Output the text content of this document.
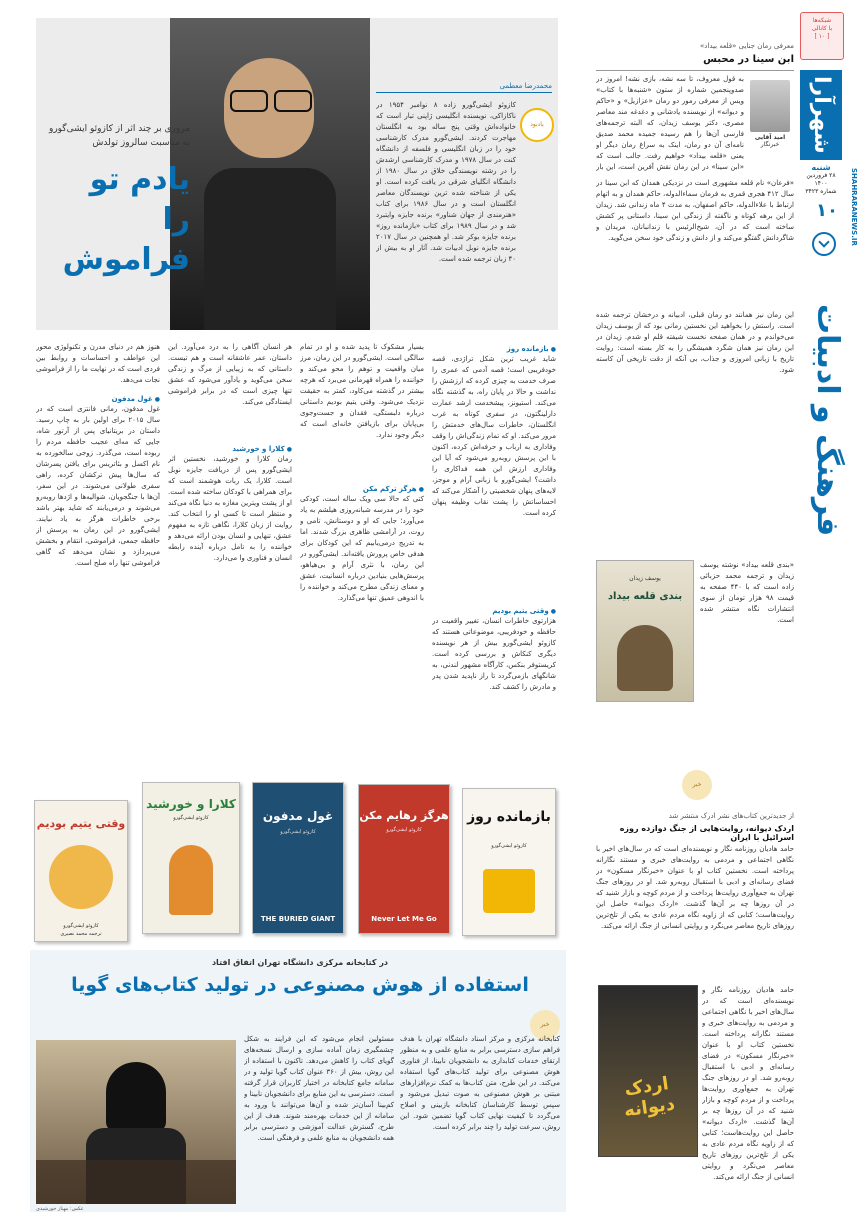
شبکه‌ها
با کانالی
[ ۱۰ ]
شهرآرا
SHAHRARANEWS.IR
شنبه
۲۸ فروردین ۱۴۰۰
شماره ۳۴۲۳
۱۰
فرهنگ و ادبیات
معرفی رمان جنایی «قلعه بیداد»
ابن سینا در محبس
امید آقایی
خبرنگار
به قول معروف، تا سه نشه، بازی نشه! امروز در صدوپنجمین شماره از ستون «شنبه‌ها با کتاب» ویس از معرفی رمور دو رمان «عزازیل» و «حاکم و دیوانه» از نویسنده یادشانی و دغدغه مند معاصر مصری، دکتر یوسف زیدان، که البته ترجمه‌های فارسی آن‌ها را هم رسیده جمیده محمد صدیق نامه‌ای آن دو رمان، اینک به سراغ رمان دیگر او یعنی «قلعه بیداد» خواهیم رفت. جالب است که «ابن سینا» در این رمان نقش آفرین است، این بار
«فرعان» نام قلعه مشهوری است در نزدیکی همدان که ابن سینا در سال ۴۱۲ هجری قمری به فرمان سماءالدوله، حاکم همدان و به اتهام ارتباط با علاءالدوله، حاکم اصفهان، به مدت ۴ ماه زندانی شد. زیدان از این برهه کوتاه و ناگفته از زندگی ابن سینا، داستانی پر کشش ساخته است که در آن، شیخ‌الرئیس با زندانبانان، مریدان و شاگردانش گفتگو می‌کند و از دانش و زندگی خود سخن می‌گوید.
این رمان نیز همانند دو رمان قبلی، ادبیانه و درخشان ترجمه شده است. راستش را بخواهید این نخستین رمانی بود که از یوسف زیدان می‌خواندم و در همان صفحه نخست شیفته قلم او شدم. زیدان در این رمان نیز همان شگرد همیشگی را به کار بسته است: روایت تاریخ با زبانی امروزی و جذاب، بی آنکه از دقت تاریخی آن کاسته شود.
یوسف زیدان
بندی قلعه بیداد
«بندی قلعه بیداد» نوشته یوسف زیدان و ترجمه محمد حزبائی زاده است که با ۴۴۰ صفحه به قیمت ۹۸ هزار تومان از سوی انتشارات نگاه منتشر شده است.
خبر
از جدیدترین کتاب‌های نشر ادرک منتشر شد
اردک دیوانه، روایت‌هایی از جنگ دوازده روزه اسرائیل با ایران
حامد هادیان روزنامه نگار و نویسنده‌ای است که در سال‌های اخیر با نگاهی اجتماعی و مردمی به روایت‌های خبری و مستند نگارانه پرداخته است. نخستین کتاب او با عنوان «خبرنگار مسکون» در فضای رسانه‌ای و ادبی با استقبال روبه‌رو شد. او در روزهای جنگ تهران به جمع‌آوری روایت‌ها پرداخت و از مردم کوچه و بازار شنید که در آن روزها چه بر آن‌ها گذشت. «اردک دیوانه» حاصل این روایت‌هاست؛ کتابی که از زاویه نگاه مردم عادی به یکی از تلخ‌ترین روزهای تاریخ معاصر می‌نگرد و روایتی انسانی از جنگ ارائه می‌کند.
اردک دیوانه
حامد هادیان روزنامه نگار و نویسنده‌ای است که در سال‌های اخیر با نگاهی اجتماعی و مردمی به روایت‌های خبری و مستند نگارانه پرداخته است. نخستین کتاب او با عنوان «خبرنگار مسکون» در فضای رسانه‌ای و ادبی با استقبال روبه‌رو شد. او در روزهای جنگ تهران به جمع‌آوری روایت‌ها پرداخت و از مردم کوچه و بازار شنید که در آن روزها چه بر آن‌ها گذشت. «اردک دیوانه» حاصل این روایت‌هاست؛ کتابی که از زاویه نگاه مردم عادی به یکی از تلخ‌ترین روزهای تاریخ معاصر می‌نگرد و روایتی انسانی از جنگ ارائه می‌کند.
مروری بر چند اثر از کازوئو ایشی‌گورو به مناسبت سالروز تولدش
یادم تو
را فراموش
محمدرضا معطمی
یادبود
کازوئو ایشی‌گورو زاده ۸ نوامبر ۱۹۵۴ در ناکازاکی، نویسنده انگلیسی ژاپنی تبار است که خانواده‌اش وقتی پنج ساله بود به انگلستان مهاجرت کردند. ایشی‌گورو مدرک کارشناسی خود را در زبان انگلیسی و فلسفه از دانشگاه کنت در سال ۱۹۷۸ و مدرک کارشناسی ارشدش را در رشته نویسندگی خلاق در سال ۱۹۸۰ از دانشگاه انگلیای شرقی در یافت کرده است. او یکی از شناخته شده ترین نویسندگان معاصر انگلستان است و در سال ۱۹۸۶ برای کتاب «هنرمندی از جهان شناور» برنده جایزه وایتبرد شد و در سال ۱۹۸۹ برای کتاب «بازمانده روز» برنده جایزه بوکر شد. او همچنین در سال ۲۰۱۷ برنده جایزه نوبل ادبیات شد. آثار او به بیش از ۴۰ زبان ترجمه شده است.
● بازمانده روز
شاید غریب ترین شکل تراژدی، قصه خودفریبی است؛ قصه آدمی که عمری را صرف خدمت به چیزی کرده که ارزشش را نداشت و حالا در پایان راه، به گذشته نگاه می‌کند. استیونز، پیشخدمت ارشد عمارت دارلینگتون، در سفری کوتاه به غرب انگلستان، خاطرات سال‌های خدمتش را مرور می‌کند. او که تمام زندگی‌اش را وقف وفاداری به ارباب و حرفه‌اش کرده، اکنون با این پرسش روبه‌رو می‌شود که آیا این وفاداری ارزش این همه فداکاری را داشت؟ ایشی‌گورو با زبانی آرام و موجز، لایه‌های پنهان شخصیتی را آشکار می‌کند که احساساتش را پشت نقاب وظیفه پنهان کرده است.
● وقتی یتیم بودیم
هزارتوی خاطرات انسان، تغییر واقعیت در حافظه و خودفریبی، موضوعاتی هستند که کازوئو ایشی‌گورو بیش از هر نویسنده دیگری کنکاش و بررسی کرده است. کریستوفر بنکس، کارآگاه مشهور لندنی، به شانگهای بازمی‌گردد تا راز ناپدید شدن پدر و مادرش را کشف کند.
بسیار مشکوک تا پدید شده و او در تمام سالگی است. ایشی‌گورو در این رمان، مرز میان واقعیت و توهم را محو می‌کند و خواننده را همراه قهرمانی می‌برد که هرچه بیشتر در گذشته می‌کاود، کمتر به حقیقت نزدیک می‌شود. وقتی یتیم بودیم داستانی درباره دلبستگی، فقدان و جست‌وجوی بی‌پایان برای بازیافتن خانه‌ای است که دیگر وجود ندارد.
● هرگز ترکم مکن
کتی که حالا سی ویک ساله است، کودکی خود را در مدرسه شبانه‌روزی هیلشم به یاد می‌آورد؛ جایی که او و دوستانش، تامی و روت، در آرامشی ظاهری بزرگ شدند. اما به تدریج درمی‌یابیم که این کودکان برای هدفی خاص پرورش یافته‌اند. ایشی‌گورو در این رمان، با نثری آرام و بی‌هیاهو، پرسش‌هایی بنیادین درباره انسانیت، عشق و معنای زندگی مطرح می‌کند و خواننده را با اندوهی عمیق تنها می‌گذارد.
هر انسان آگاهی را به درد می‌آورد. این داستان، عمر عاشقانه است و هم تیست. داستانی که به زیبایی از مرگ و زندگی سخن می‌گوید و یادآور می‌شود که عشق تنها چیزی است که در برابر فراموشی ایستادگی می‌کند.
● کلارا و خورشید
رمان کلارا و خورشید، نخستین اثر ایشی‌گورو پس از دریافت جایزه نوبل است. کلارا، یک ربات هوشمند است که برای همراهی با کودکان ساخته شده است. او از پشت ویترین مغازه به دنیا نگاه می‌کند و منتظر است تا کسی او را انتخاب کند. روایت از زبان کلارا، نگاهی تازه به مفهوم عشق، تنهایی و انسان بودن ارائه می‌دهد و خواننده را به تامل درباره آینده رابطه انسان و فناوری وا می‌دارد.
هنوز هم در دنیای مدرن و تکنولوژی محور این عواطف و احساسات و روابط بین فردی است که در نهایت ما را از فراموشی نجات می‌دهد.
● غول مدفون
غول مدفون، رمانی فانتزی است که در سال ۲۰۱۵ برای اولین بار به چاپ رسید. داستان در بریتانیای پس از آرتور شاه، جایی که مه‌ای عجیب حافظه مردم را ربوده است، می‌گذرد. زوجی سالخورده به نام اکسل و بئاتریس برای یافتن پسرشان که سال‌ها پیش ترکشان کرده، راهی سفری طولانی می‌شوند. در این سفر، آن‌ها با جنگجویان، شوالیه‌ها و اژدها روبه‌رو می‌شوند و درمی‌یابند که شاید بهتر باشد برخی خاطرات هرگز به یاد نیایند. ایشی‌گورو در این رمان به پرسش از حافظه جمعی، فراموشی، انتقام و بخشش می‌پردازد و نشان می‌دهد که گاهی فراموشی تنها راه صلح است.
وقتی یتیم بودیم
کازوئو ایشی‌گورو
ترجمه محمد نصیری
کلارا و خورشید
کازوئو ایشی‌گورو	غول مدفون
کازوئو ایشی‌گورو
THE BURIED GIANT
هرگز رهایم مکن
کازوئو ایشی‌گورو
Never Let Me Go
بازمانده روز
کازوئو ایشی‌گورو
در کتابخانه مرکزی دانشگاه تهران اتفاق افتاد
استفاده از هوش مصنوعی در تولید کتاب‌های گویا
خبر
عکس: مهناز خورشیدی
مسئولین انجام می‌شود که این فرایند به شکل چشمگیری زمان آماده سازی و ارسال نسخه‌های گویای کتاب را کاهش می‌دهد. تاکنون با استفاده از این روش، بیش از ۳۶۰ عنوان کتاب گویا تولید و در سامانه جامع کتابخانه در اختیار کاربران قرار گرفته است. دسترسی به این منابع برای دانشجویان نابینا و کم‌بینا آسان‌تر شده و آن‌ها می‌توانند با ورود به سامانه از این خدمات بهره‌مند شوند. هدف از این طرح، گسترش عدالت آموزشی و دسترسی برابر همه دانشجویان به منابع علمی و فرهنگی است.
کتابخانه مرکزی و مرکز اسناد دانشگاه تهران با هدف فراهم سازی دسترسی برابر به منابع علمی و به منظور ارتقای خدمات کتابداری به دانشجویان نابینا، از فناوری هوش مصنوعی برای تولید کتاب‌های گویا استفاده می‌کند. در این طرح، متن کتاب‌ها به کمک نرم‌افزارهای مبتنی بر هوش مصنوعی به صوت تبدیل می‌شود و سپس توسط کارشناسان کتابخانه بازبینی و اصلاح می‌گردد تا کیفیت نهایی کتاب گویا تضمین شود. این روش، سرعت تولید را چند برابر کرده است.
